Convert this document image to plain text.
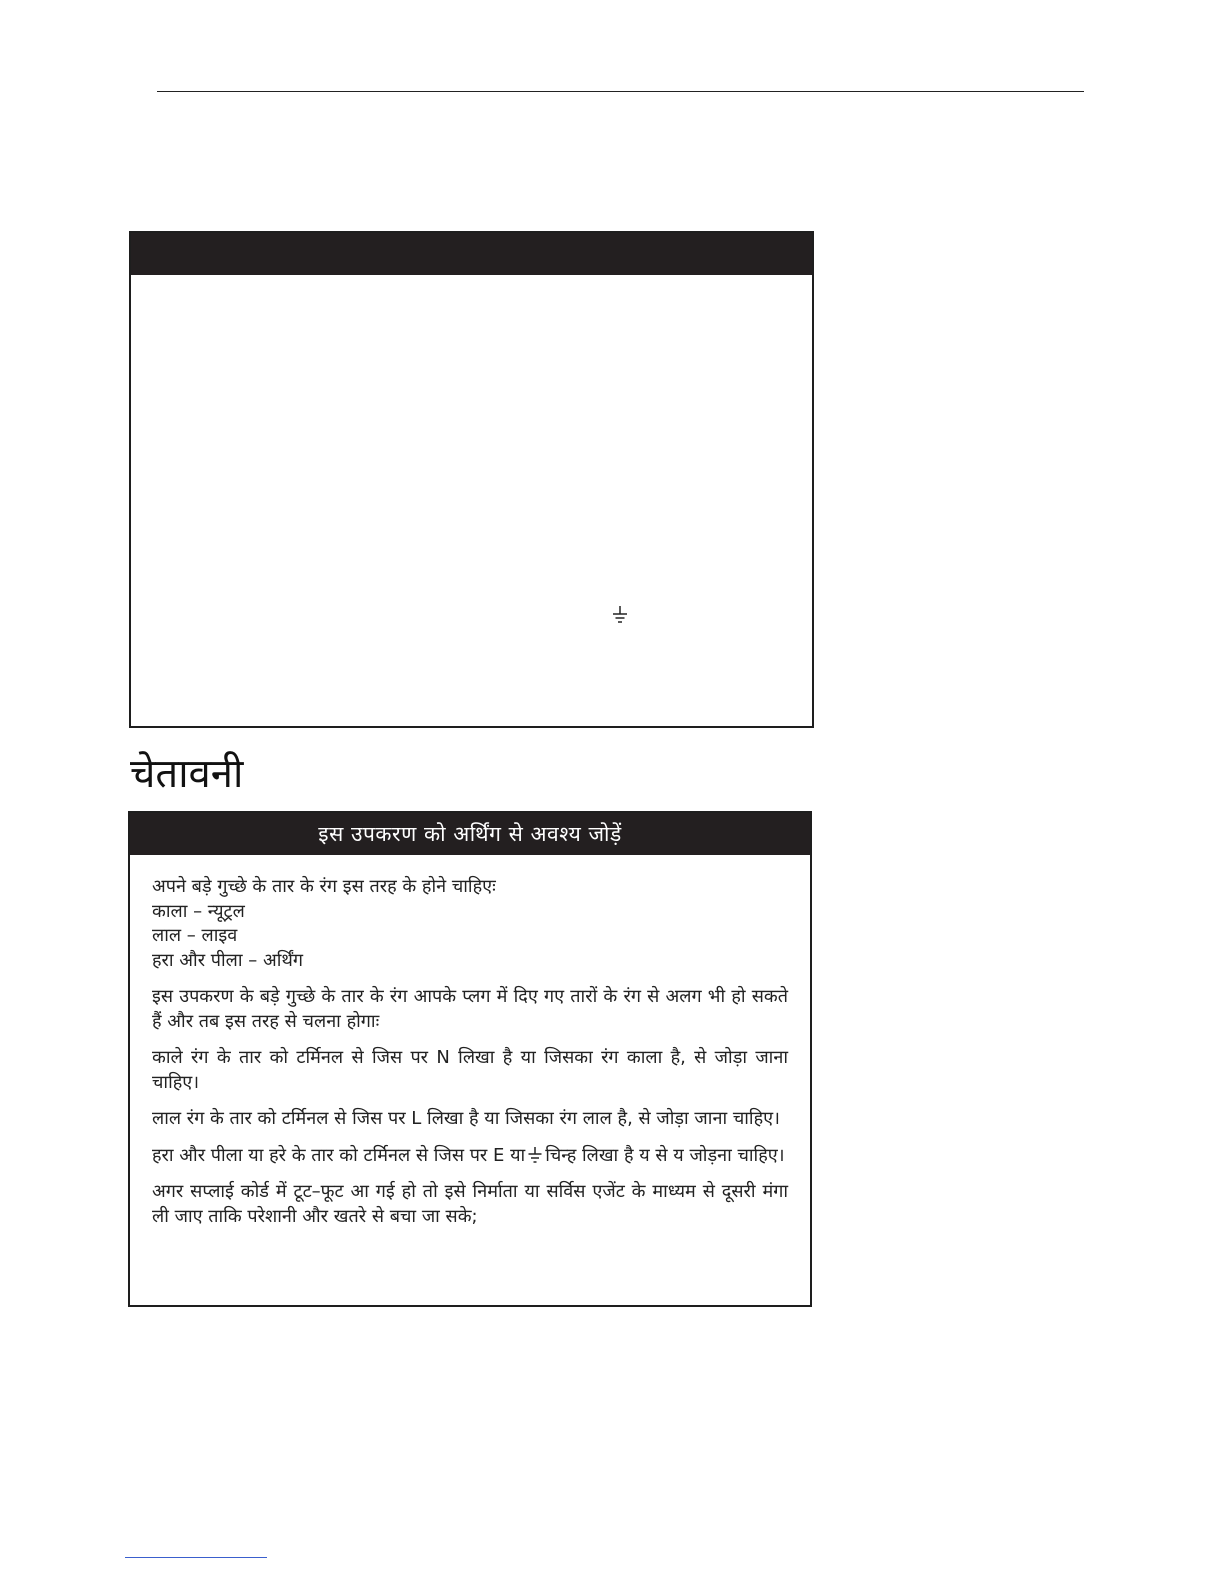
चेतावनी
इस उपकरण को अर्थिंग से अवश्य जोड़ें
अपने बड़े गुच्छे के तार के रंग इस तरह के होने चाहिएः
काला – न्यूट्रल
लाल – लाइव
हरा और पीला – अर्थिंग

इस उपकरण के बड़े गुच्छे के तार के रंग आपके प्लग में दिए गए तारों के रंग से अलग भी हो सकते हैं और तब इस तरह से चलना होगाः

काले रंग के तार को टर्मिनल से जिस पर N लिखा है या जिसका रंग काला है, से जोड़ा जाना चाहिए।

लाल रंग के तार को टर्मिनल से जिस पर L लिखा है या जिसका रंग लाल है, से जोड़ा जाना चाहिए।

हरा और पीला या हरे के तार को टर्मिनल से जिस पर E या चिन्ह लिखा है य से य जोड़ना चाहिए।

अगर सप्लाई कोर्ड में टूट–फूट आ गई हो तो इसे निर्माता या सर्विस एजेंट के माध्यम से दूसरी मंगा ली जाए ताकि परेशानी और खतरे से बचा जा सके;
